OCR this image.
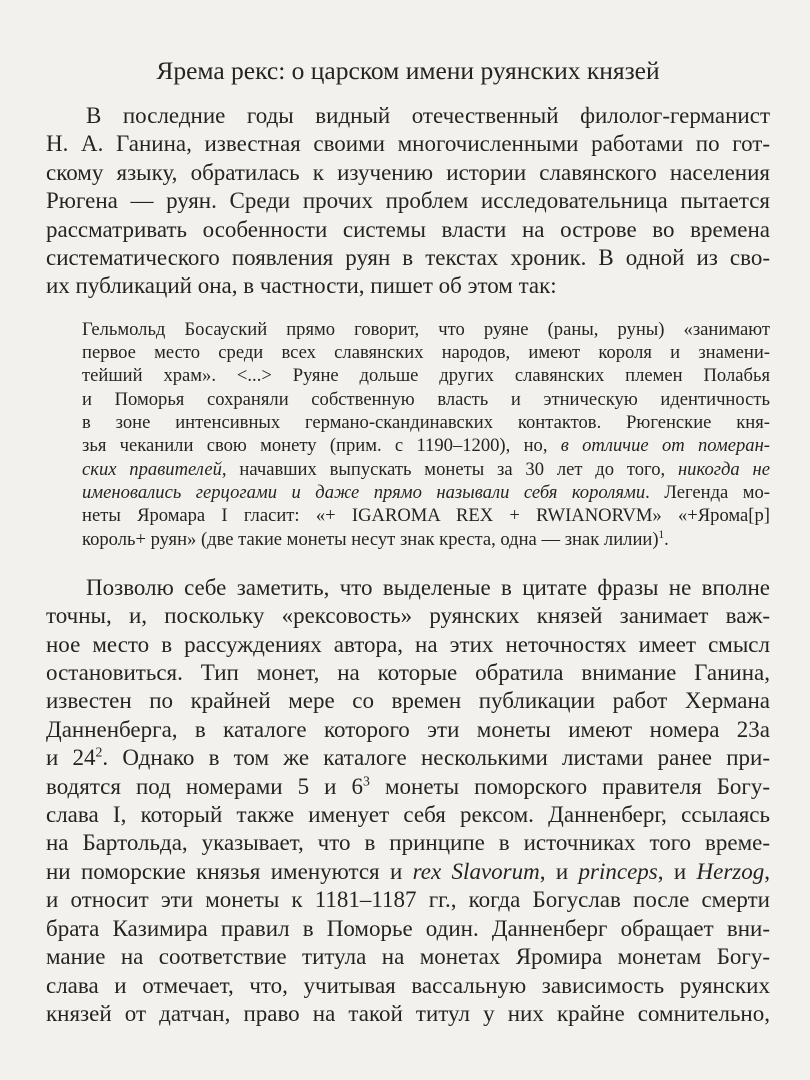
Ярема рекс: о царском имени руянских князей

В последние годы видный отечественный филолог-германист
Н. А. Ганина, известная своими многочисленными работами по гот-
скому языку, обратилась к изучению истории славянского населения
Рюгена — руян. Среди прочих проблем исследовательница пытается
рассматривать особенности системы власти на острове во времена
систематического появления руян в текстах хроник. В одной из сво-
их публикаций она, в частности, пишет об этом так:

Гельмольд Босауский прямо говорит, что руяне (раны, руны) «занимают
первое место среди всех славянских народов, имеют короля и знамени-
тейший храм». <...> Руяне дольше других славянских племен Полабья
и Поморья сохраняли собственную власть и этническую идентичность
в зоне интенсивных германо-скандинавских контактов. Рюгенские кня-
зья чеканили свою монету (прим. с 1190–1200), но, в отличие от померан-
ских правителей, начавших выпускать монеты за 30 лет до того, никогда не
именовались герцогами и даже прямо называли себя королями. Легенда мо-
неты Яромара I гласит: «+ IGAROMA REX + RWIANORVM» «+Ярома[р]
король+ руян» (две такие монеты несут знак креста, одна — знак лилии)$^1$.

Позволю себе заметить, что выделеные в цитате фразы не вполне
точны, и, поскольку «рексовость» руянских князей занимает важ-
ное место в рассуждениях автора, на этих неточностях имеет смысл
остановиться. Тип монет, на которые обратила внимание Ганина,
известен по крайней мере со времен публикации работ Хермана
Данненберга, в каталоге которого эти монеты имеют номера 23а
и $24^2$. Однако в том же каталоге несколькими листами ранее при-
водятся под номерами 5 и $6^3$ монеты поморского правителя Богу-
слава I, который также именует себя рексом. Данненберг, ссылаясь
на Бартольда, указывает, что в принципе в источниках того време-
ни поморские князья именуются и rex Slavorum, и princeps, и Herzog,
и относит эти монеты к 1181–1187 гг., когда Богуслав после смерти
брата Казимира правил в Поморье один. Данненберг обращает вни-
мание на соответствие титула на монетах Яромира монетам Богу-
слава и отмечает, что, учитывая вассальную зависимость руянских
князей от датчан, право на такой титул у них крайне сомнительно,
